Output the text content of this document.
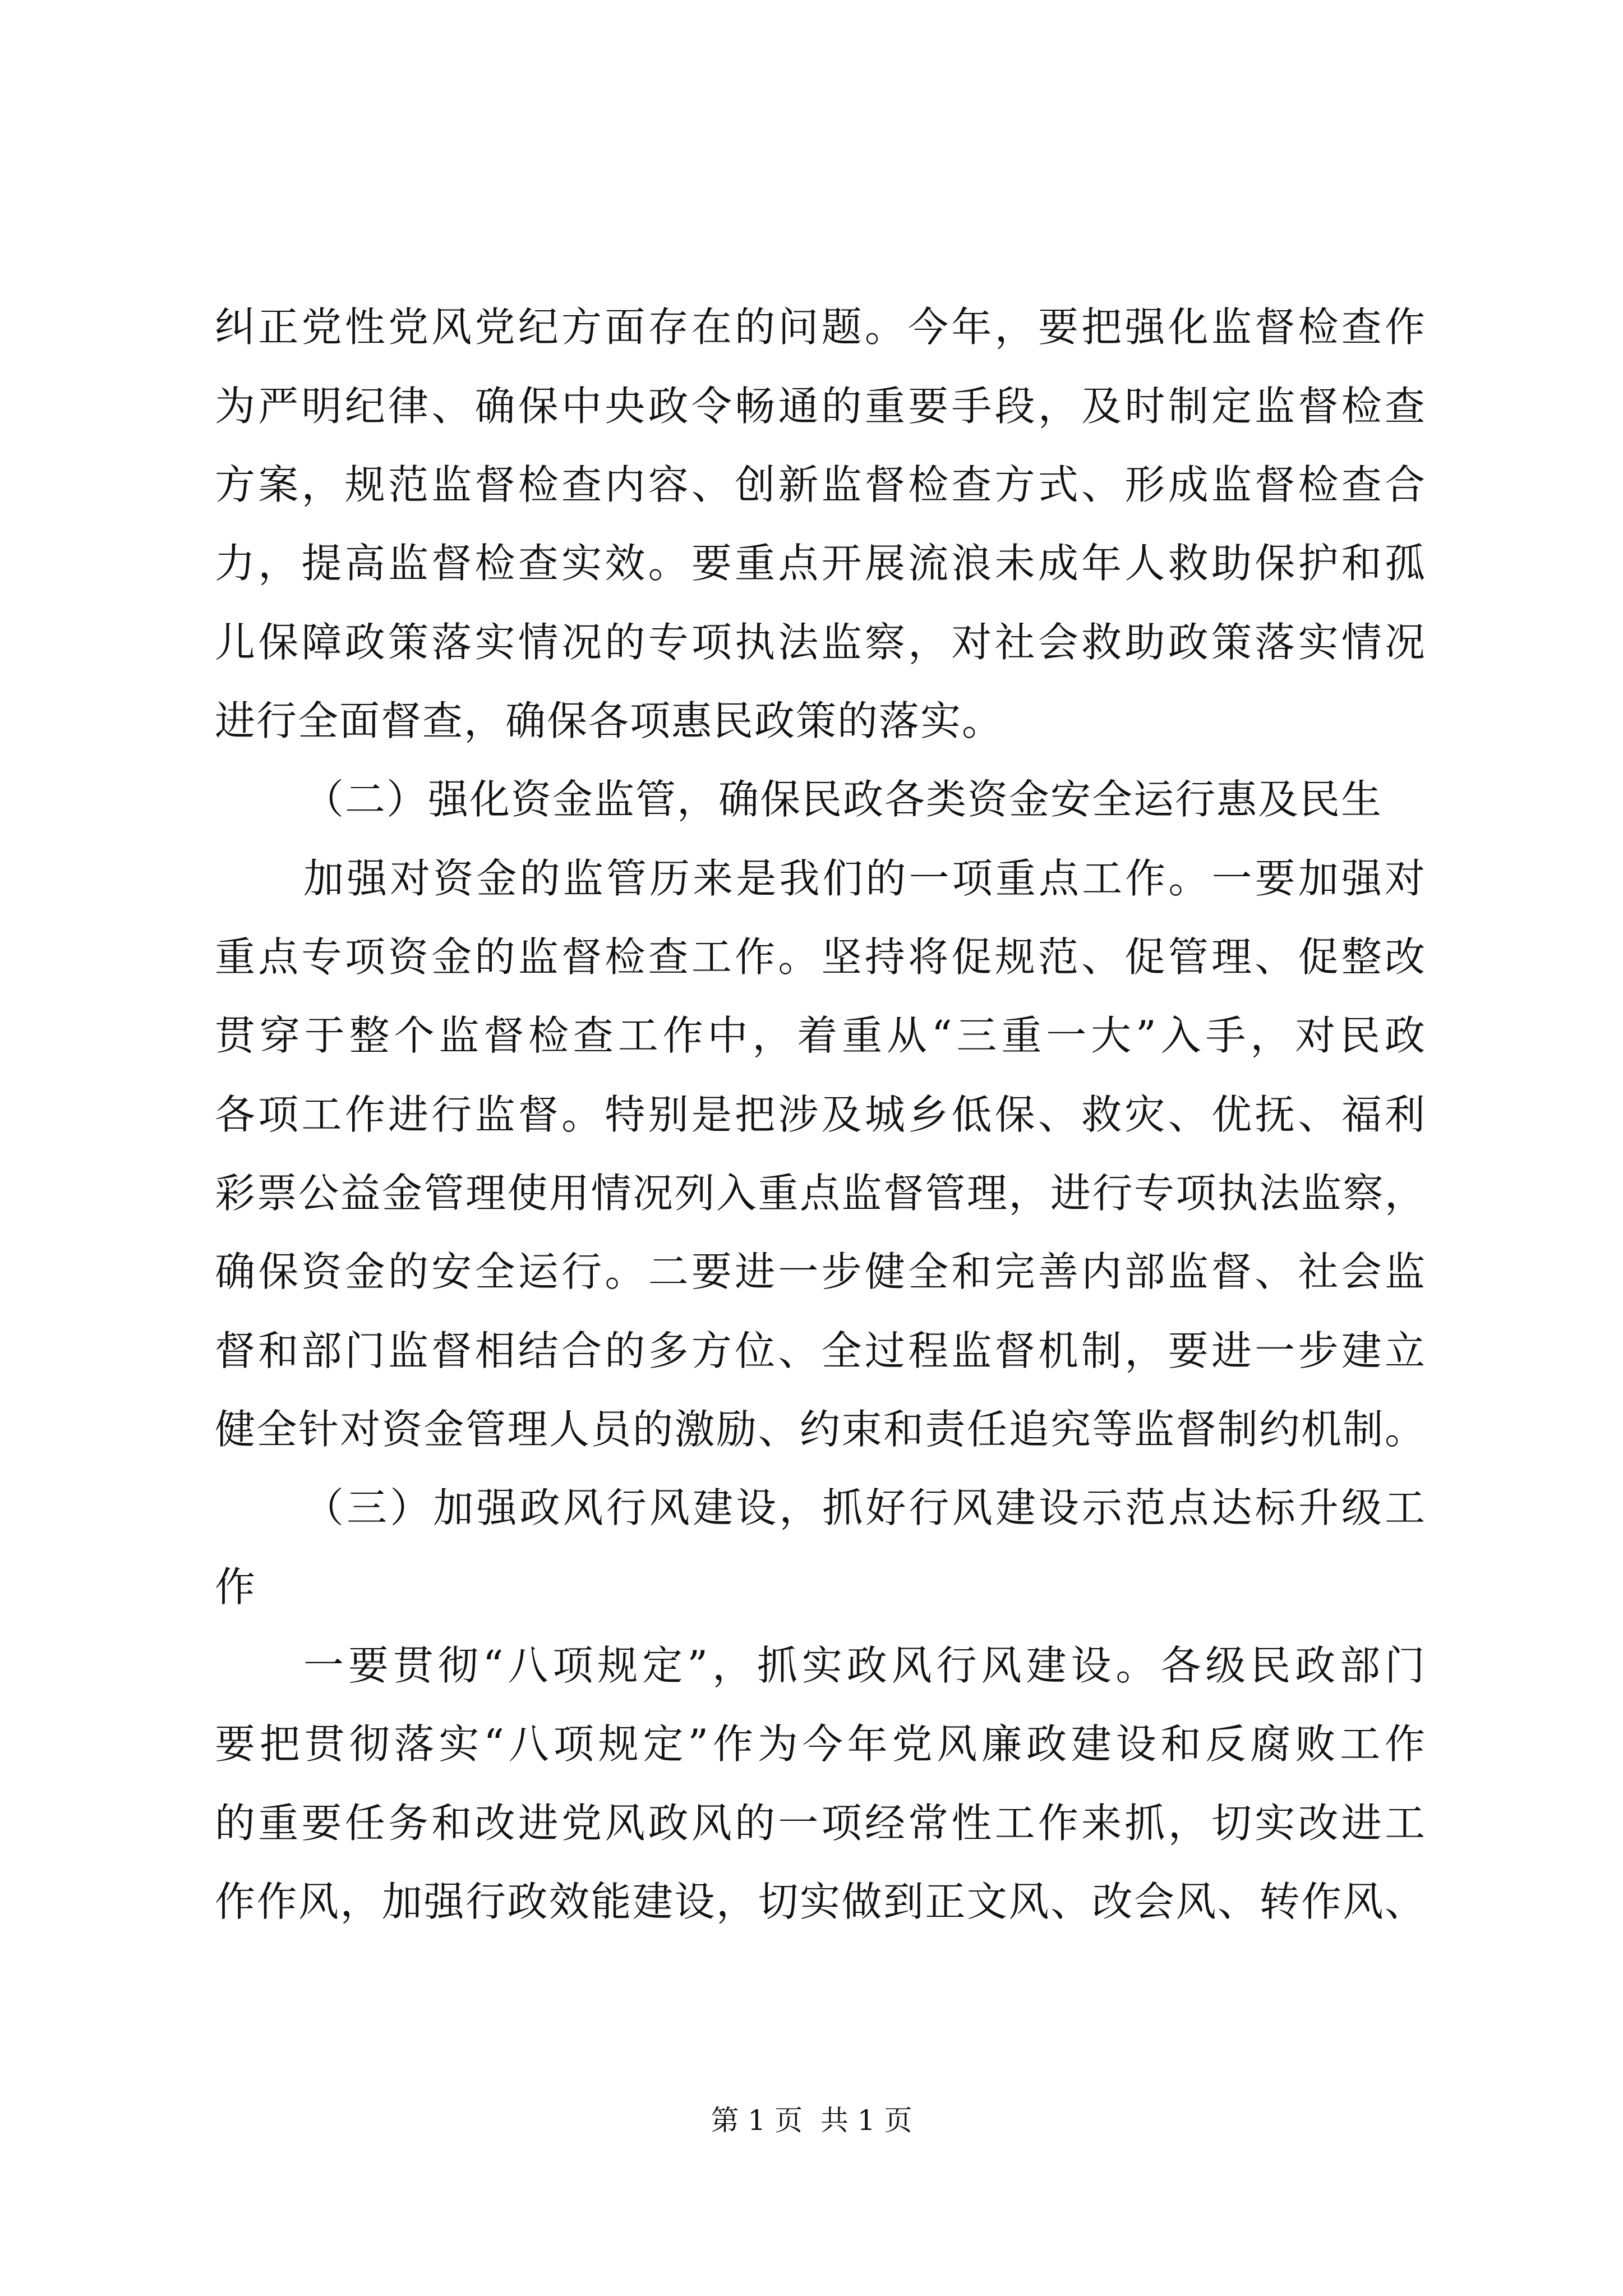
纠正党性党风党纪方面存在的问题。今年，要把强化监督检查作
为严明纪律、确保中央政令畅通的重要手段，及时制定监督检查
方案，规范监督检查内容、创新监督检查方式、形成监督检查合
力，提高监督检查实效。要重点开展流浪未成年人救助保护和孤
儿保障政策落实情况的专项执法监察，对社会救助政策落实情况
进行全面督查，确保各项惠民政策的落实。
（二）强化资金监管，确保民政各类资金安全运行惠及民生
加强对资金的监管历来是我们的一项重点工作。一要加强对
重点专项资金的监督检查工作。坚持将促规范、促管理、促整改
贯穿于整个监督检查工作中，着重从“三重一大”入手，对民政
各项工作进行监督。特别是把涉及城乡低保、救灾、优抚、福利
彩票公益金管理使用情况列入重点监督管理，进行专项执法监察，
确保资金的安全运行。二要进一步健全和完善内部监督、社会监
督和部门监督相结合的多方位、全过程监督机制，要进一步建立
健全针对资金管理人员的激励、约束和责任追究等监督制约机制。
（三）加强政风行风建设，抓好行风建设示范点达标升级工
作
一要贯彻“八项规定”，抓实政风行风建设。各级民政部门
要把贯彻落实“八项规定”作为今年党风廉政建设和反腐败工作
的重要任务和改进党风政风的一项经常性工作来抓，切实改进工
作作风，加强行政效能建设，切实做到正文风、改会风、转作风、
第 1 页  共 1 页
